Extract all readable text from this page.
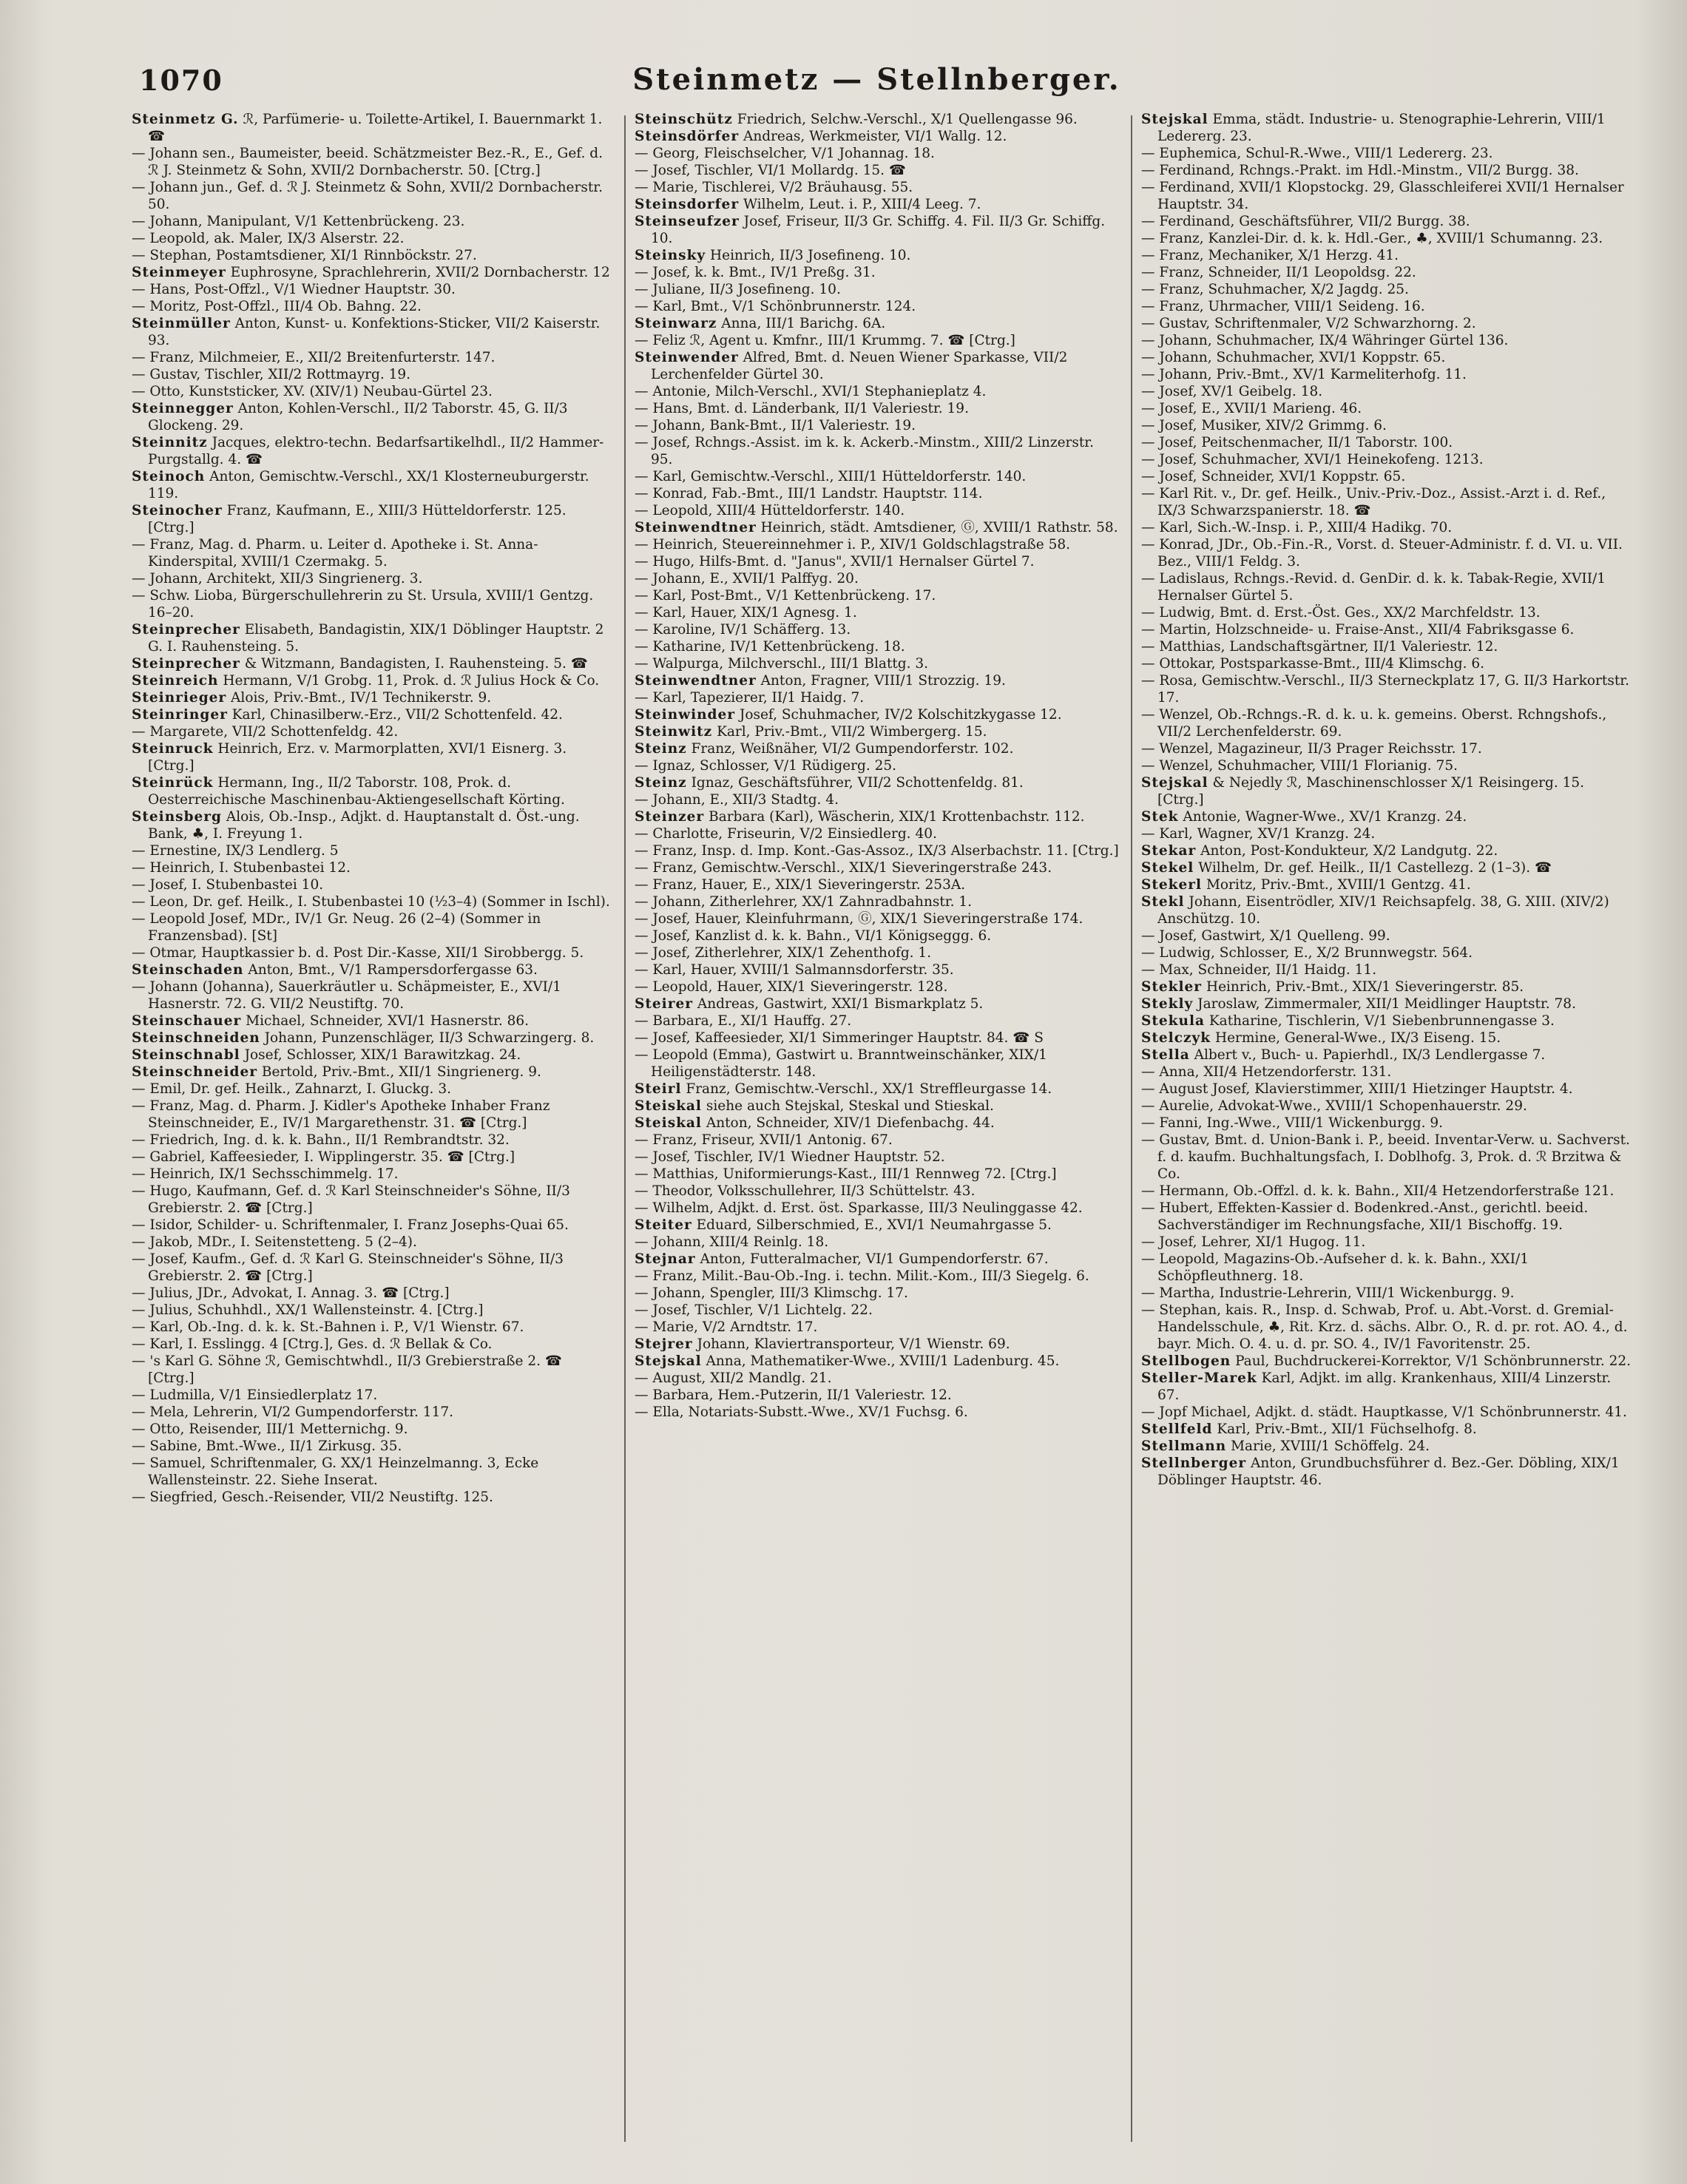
1070	Steinmetz — Stellnberger.

Steinmetz G. ℛ, Parfümerie- u. Toilette-Artikel, I. Bauernmarkt 1. ☎

— Johann sen., Baumeister, beeid. Schätzmeister Bez.-R., E., Gef. d. ℛ J. Steinmetz & Sohn, XVII/2 Dornbacherstr. 50. [Ctrg.]

— Johann jun., Gef. d. ℛ J. Steinmetz & Sohn, XVII/2 Dornbacherstr. 50.

— Johann, Manipulant, V/1 Kettenbrückeng. 23.

— Leopold, ak. Maler, IX/3 Alserstr. 22.

— Stephan, Postamtsdiener, XI/1 Rinnböckstr. 27.

Steinmeyer Euphrosyne, Sprachlehrerin, XVII/2 Dornbacherstr. 12

— Hans, Post-Offzl., V/1 Wiedner Hauptstr. 30.

— Moritz, Post-Offzl., III/4 Ob. Bahng. 22.

Steinmüller Anton, Kunst- u. Konfektions-Sticker, VII/2 Kaiserstr. 93.

— Franz, Milchmeier, E., XII/2 Breitenfurterstr. 147.

— Gustav, Tischler, XII/2 Rottmayrg. 19.

— Otto, Kunststicker, XV. (XIV/1) Neubau-Gürtel 23.

Steinnegger Anton, Kohlen-Verschl., II/2 Taborstr. 45, G. II/3 Glockeng. 29.

Steinnitz Jacques, elektro-techn. Bedarfsartikelhdl., II/2 Hammer-Purgstallg. 4. ☎

Steinoch Anton, Gemischtw.-Verschl., XX/1 Klosterneuburgerstr. 119.

Steinocher Franz, Kaufmann, E., XIII/3 Hütteldorferstr. 125. [Ctrg.]

— Franz, Mag. d. Pharm. u. Leiter d. Apotheke i. St. Anna-Kinderspital, XVIII/1 Czermakg. 5.

— Johann, Architekt, XII/3 Singrienerg. 3.

— Schw. Lioba, Bürgerschullehrerin zu St. Ursula, XVIII/1 Gentzg. 16–20.

Steinprecher Elisabeth, Bandagistin, XIX/1 Döblinger Hauptstr. 2 G. I. Rauhensteing. 5.

Steinprecher & Witzmann, Bandagisten, I. Rauhensteing. 5. ☎

Steinreich Hermann, V/1 Grobg. 11, Prok. d. ℛ Julius Hock & Co.

Steinrieger Alois, Priv.-Bmt., IV/1 Technikerstr. 9.

Steinringer Karl, Chinasilberw.-Erz., VII/2 Schottenfeld. 42.

— Margarete, VII/2 Schottenfeldg. 42.

Steinruck Heinrich, Erz. v. Marmorplatten, XVI/1 Eisnerg. 3. [Ctrg.]

Steinrück Hermann, Ing., II/2 Taborstr. 108, Prok. d. Oesterreichische Maschinenbau-Aktiengesellschaft Körting.

Steinsberg Alois, Ob.-Insp., Adjkt. d. Hauptanstalt d. Öst.-ung. Bank, ♣, I. Freyung 1.

— Ernestine, IX/3 Lendlerg. 5

— Heinrich, I. Stubenbastei 12.

— Josef, I. Stubenbastei 10.

— Leon, Dr. gef. Heilk., I. Stubenbastei 10 (½3–4) (Sommer in Ischl).

— Leopold Josef, MDr., IV/1 Gr. Neug. 26 (2–4) (Sommer in Franzensbad). [St]

— Otmar, Hauptkassier b. d. Post Dir.-Kasse, XII/1 Sirobbergg. 5.

Steinschaden Anton, Bmt., V/1 Rampersdorfergasse 63.

— Johann (Johanna), Sauerkräutler u. Schäpmeister, E., XVI/1 Hasnerstr. 72. G. VII/2 Neustiftg. 70.

Steinschauer Michael, Schneider, XVI/1 Hasnerstr. 86.

Steinschneiden Johann, Punzenschläger, II/3 Schwarzingerg. 8.

Steinschnabl Josef, Schlosser, XIX/1 Barawitzkag. 24.

Steinschneider Bertold, Priv.-Bmt., XII/1 Singrienerg. 9.

— Emil, Dr. gef. Heilk., Zahnarzt, I. Gluckg. 3.

— Franz, Mag. d. Pharm. J. Kidler's Apotheke Inhaber Franz Steinschneider, E., IV/1 Margarethenstr. 31. ☎ [Ctrg.]

— Friedrich, Ing. d. k. k. Bahn., II/1 Rembrandtstr. 32.

— Gabriel, Kaffeesieder, I. Wipplingerstr. 35. ☎ [Ctrg.]

— Heinrich, IX/1 Sechsschimmelg. 17.

— Hugo, Kaufmann, Gef. d. ℛ Karl Steinschneider's Söhne, II/3 Grebierstr. 2. ☎ [Ctrg.]

— Isidor, Schilder- u. Schriftenmaler, I. Franz Josephs-Quai 65.

— Jakob, MDr., I. Seitenstetteng. 5 (2–4).

— Josef, Kaufm., Gef. d. ℛ Karl G. Steinschneider's Söhne, II/3 Grebierstr. 2. ☎ [Ctrg.]

— Julius, JDr., Advokat, I. Annag. 3. ☎ [Ctrg.]

— Julius, Schuhhdl., XX/1 Wallensteinstr. 4. [Ctrg.]

— Karl, Ob.-Ing. d. k. k. St.-Bahnen i. P., V/1 Wienstr. 67.

— Karl, I. Esslingg. 4 [Ctrg.], Ges. d. ℛ Bellak & Co.

— 's Karl G. Söhne ℛ, Gemischtwhdl., II/3 Grebierstraße 2. ☎ [Ctrg.]

— Ludmilla, V/1 Einsiedlerplatz 17.

— Mela, Lehrerin, VI/2 Gumpendorferstr. 117.

— Otto, Reisender, III/1 Metternichg. 9.

— Sabine, Bmt.-Wwe., II/1 Zirkusg. 35.

— Samuel, Schriftenmaler, G. XX/1 Heinzelmanng. 3, Ecke Wallensteinstr. 22. Siehe Inserat.

— Siegfried, Gesch.-Reisender, VII/2 Neustiftg. 125.

Steinschütz Friedrich, Selchw.-Verschl., X/1 Quellengasse 96.

Steinsdörfer Andreas, Werkmeister, VI/1 Wallg. 12.

— Georg, Fleischselcher, V/1 Johannag. 18.

— Josef, Tischler, VI/1 Mollardg. 15. ☎

— Marie, Tischlerei, V/2 Bräuhausg. 55.

Steinsdorfer Wilhelm, Leut. i. P., XIII/4 Leeg. 7.

Steinseufzer Josef, Friseur, II/3 Gr. Schiffg. 4. Fil. II/3 Gr. Schiffg. 10.

Steinsky Heinrich, II/3 Josefineng. 10.

— Josef, k. k. Bmt., IV/1 Preßg. 31.

— Juliane, II/3 Josefineng. 10.

— Karl, Bmt., V/1 Schönbrunnerstr. 124.

Steinwarz Anna, III/1 Barichg. 6A.

— Feliz ℛ, Agent u. Kmfnr., III/1 Krummg. 7. ☎ [Ctrg.]

Steinwender Alfred, Bmt. d. Neuen Wiener Sparkasse, VII/2 Lerchenfelder Gürtel 30.

— Antonie, Milch-Verschl., XVI/1 Stephanieplatz 4.

— Hans, Bmt. d. Länderbank, II/1 Valeriestr. 19.

— Johann, Bank-Bmt., II/1 Valeriestr. 19.

— Josef, Rchngs.-Assist. im k. k. Ackerb.-Minstm., XIII/2 Linzerstr. 95.

— Karl, Gemischtw.-Verschl., XIII/1 Hütteldorferstr. 140.

— Konrad, Fab.-Bmt., III/1 Landstr. Hauptstr. 114.

— Leopold, XIII/4 Hütteldorferstr. 140.

Steinwendtner Heinrich, städt. Amtsdiener, Ⓖ, XVIII/1 Rathstr. 58.

— Heinrich, Steuereinnehmer i. P., XIV/1 Goldschlagstraße 58.

— Hugo, Hilfs-Bmt. d. "Janus", XVII/1 Hernalser Gürtel 7.

— Johann, E., XVII/1 Palffyg. 20.

— Karl, Post-Bmt., V/1 Kettenbrückeng. 17.

— Karl, Hauer, XIX/1 Agnesg. 1.

— Karoline, IV/1 Schäfferg. 13.

— Katharine, IV/1 Kettenbrückeng. 18.

— Walpurga, Milchverschl., III/1 Blattg. 3.

Steinwendtner Anton, Fragner, VIII/1 Strozzig. 19.

— Karl, Tapezierer, II/1 Haidg. 7.

Steinwinder Josef, Schuhmacher, IV/2 Kolschitzkygasse 12.

Steinwitz Karl, Priv.-Bmt., VII/2 Wimbergerg. 15.

Steinz Franz, Weißnäher, VI/2 Gumpendorferstr. 102.

— Ignaz, Schlosser, V/1 Rüdigerg. 25.

Steinz Ignaz, Geschäftsführer, VII/2 Schottenfeldg. 81.

— Johann, E., XII/3 Stadtg. 4.

Steinzer Barbara (Karl), Wäscherin, XIX/1 Krottenbachstr. 112.

— Charlotte, Friseurin, V/2 Einsiedlerg. 40.

— Franz, Insp. d. Imp. Kont.-Gas-Assoz., IX/3 Alserbachstr. 11. [Ctrg.]

— Franz, Gemischtw.-Verschl., XIX/1 Sieveringerstraße 243.

— Franz, Hauer, E., XIX/1 Sieveringerstr. 253A.

— Johann, Zitherlehrer, XX/1 Zahnradbahnstr. 1.

— Josef, Hauer, Kleinfuhrmann, Ⓖ, XIX/1 Sieveringerstraße 174.

— Josef, Kanzlist d. k. k. Bahn., VI/1 Königseggg. 6.

— Josef, Zitherlehrer, XIX/1 Zehenthofg. 1.

— Karl, Hauer, XVIII/1 Salmannsdorferstr. 35.

— Leopold, Hauer, XIX/1 Sieveringerstr. 128.

Steirer Andreas, Gastwirt, XXI/1 Bismarkplatz 5.

— Barbara, E., XI/1 Hauffg. 27.

— Josef, Kaffeesieder, XI/1 Simmeringer Hauptstr. 84. ☎ S

— Leopold (Emma), Gastwirt u. Branntweinschänker, XIX/1 Heiligenstädterstr. 148.

Steirl Franz, Gemischtw.-Verschl., XX/1 Streffleurgasse 14.

Steiskal siehe auch Stejskal, Steskal und Stieskal.

Steiskal Anton, Schneider, XIV/1 Diefenbachg. 44.

— Franz, Friseur, XVII/1 Antonig. 67.

— Josef, Tischler, IV/1 Wiedner Hauptstr. 52.

— Matthias, Uniformierungs-Kast., III/1 Rennweg 72. [Ctrg.]

— Theodor, Volksschullehrer, II/3 Schüttelstr. 43.

— Wilhelm, Adjkt. d. Erst. öst. Sparkasse, III/3 Neulinggasse 42.

Steiter Eduard, Silberschmied, E., XVI/1 Neumahrgasse 5.

— Johann, XIII/4 Reinlg. 18.

Stejnar Anton, Futteralmacher, VI/1 Gumpendorferstr. 67.

— Franz, Milit.-Bau-Ob.-Ing. i. techn. Milit.-Kom., III/3 Siegelg. 6.

— Johann, Spengler, III/3 Klimschg. 17.

— Josef, Tischler, V/1 Lichtelg. 22.

— Marie, V/2 Arndtstr. 17.

Stejrer Johann, Klaviertransporteur, V/1 Wienstr. 69.

Stejskal Anna, Mathematiker-Wwe., XVIII/1 Ladenburg. 45.

— August, XII/2 Mandlg. 21.

— Barbara, Hem.-Putzerin, II/1 Valeriestr. 12.

— Ella, Notariats-Substt.-Wwe., XV/1 Fuchsg. 6.

Stejskal Emma, städt. Industrie- u. Stenographie-Lehrerin, VIII/1 Ledererg. 23.

— Euphemica, Schul-R.-Wwe., VIII/1 Ledererg. 23.

— Ferdinand, Rchngs.-Prakt. im Hdl.-Minstm., VII/2 Burgg. 38.

— Ferdinand, XVII/1 Klopstockg. 29, Glasschleiferei XVII/1 Hernalser Hauptstr. 34.

— Ferdinand, Geschäftsführer, VII/2 Burgg. 38.

— Franz, Kanzlei-Dir. d. k. k. Hdl.-Ger., ♣, XVIII/1 Schumanng. 23.

— Franz, Mechaniker, X/1 Herzg. 41.

— Franz, Schneider, II/1 Leopoldsg. 22.

— Franz, Schuhmacher, X/2 Jagdg. 25.

— Franz, Uhrmacher, VIII/1 Seideng. 16.

— Gustav, Schriftenmaler, V/2 Schwarzhorng. 2.

— Johann, Schuhmacher, IX/4 Währinger Gürtel 136.

— Johann, Schuhmacher, XVI/1 Koppstr. 65.

— Johann, Priv.-Bmt., XV/1 Karmeliterhofg. 11.

— Josef, XV/1 Geibelg. 18.

— Josef, E., XVII/1 Marieng. 46.

— Josef, Musiker, XIV/2 Grimmg. 6.

— Josef, Peitschenmacher, II/1 Taborstr. 100.

— Josef, Schuhmacher, XVI/1 Heinekofeng. 1213.

— Josef, Schneider, XVI/1 Koppstr. 65.

— Karl Rit. v., Dr. gef. Heilk., Univ.-Priv.-Doz., Assist.-Arzt i. d. Ref., IX/3 Schwarzspanierstr. 18. ☎

— Karl, Sich.-W.-Insp. i. P., XIII/4 Hadikg. 70.

— Konrad, JDr., Ob.-Fin.-R., Vorst. d. Steuer-Administr. f. d. VI. u. VII. Bez., VIII/1 Feldg. 3.

— Ladislaus, Rchngs.-Revid. d. GenDir. d. k. k. Tabak-Regie, XVII/1 Hernalser Gürtel 5.

— Ludwig, Bmt. d. Erst.-Öst. Ges., XX/2 Marchfeldstr. 13.

— Martin, Holzschneide- u. Fraise-Anst., XII/4 Fabriksgasse 6.

— Matthias, Landschaftsgärtner, II/1 Valeriestr. 12.

— Ottokar, Postsparkasse-Bmt., III/4 Klimschg. 6.

— Rosa, Gemischtw.-Verschl., II/3 Sterneckplatz 17, G. II/3 Harkortstr. 17.

— Wenzel, Ob.-Rchngs.-R. d. k. u. k. gemeins. Oberst. Rchngshofs., VII/2 Lerchenfelderstr. 69.

— Wenzel, Magazineur, II/3 Prager Reichsstr. 17.

— Wenzel, Schuhmacher, VIII/1 Florianig. 75.

Stejskal & Nejedly ℛ, Maschinenschlosser X/1 Reisingerg. 15. [Ctrg.]

Stek Antonie, Wagner-Wwe., XV/1 Kranzg. 24.

— Karl, Wagner, XV/1 Kranzg. 24.

Stekar Anton, Post-Kondukteur, X/2 Landgutg. 22.

Stekel Wilhelm, Dr. gef. Heilk., II/1 Castellezg. 2 (1–3). ☎

Stekerl Moritz, Priv.-Bmt., XVIII/1 Gentzg. 41.

Stekl Johann, Eisentrödler, XIV/1 Reichsapfelg. 38, G. XIII. (XIV/2) Anschützg. 10.

— Josef, Gastwirt, X/1 Quelleng. 99.

— Ludwig, Schlosser, E., X/2 Brunnwegstr. 564.

— Max, Schneider, II/1 Haidg. 11.

Stekler Heinrich, Priv.-Bmt., XIX/1 Sieveringerstr. 85.

Stekly Jaroslaw, Zimmermaler, XII/1 Meidlinger Hauptstr. 78.

Stekula Katharine, Tischlerin, V/1 Siebenbrunnengasse 3.

Stelczyk Hermine, General-Wwe., IX/3 Eiseng. 15.

Stella Albert v., Buch- u. Papierhdl., IX/3 Lendlergasse 7.

— Anna, XII/4 Hetzendorferstr. 131.

— August Josef, Klavierstimmer, XIII/1 Hietzinger Hauptstr. 4.

— Aurelie, Advokat-Wwe., XVIII/1 Schopenhauerstr. 29.

— Fanni, Ing.-Wwe., VIII/1 Wickenburgg. 9.

— Gustav, Bmt. d. Union-Bank i. P., beeid. Inventar-Verw. u. Sachverst. f. d. kaufm. Buchhaltungsfach, I. Doblhofg. 3, Prok. d. ℛ Brzitwa & Co.

— Hermann, Ob.-Offzl. d. k. k. Bahn., XII/4 Hetzendorferstraße 121.

— Hubert, Effekten-Kassier d. Bodenkred.-Anst., gerichtl. beeid. Sachverständiger im Rechnungsfache, XII/1 Bischoffg. 19.

— Josef, Lehrer, XI/1 Hugog. 11.

— Leopold, Magazins-Ob.-Aufseher d. k. k. Bahn., XXI/1 Schöpfleuthnerg. 18.

— Martha, Industrie-Lehrerin, VIII/1 Wickenburgg. 9.

— Stephan, kais. R., Insp. d. Schwab, Prof. u. Abt.-Vorst. d. Gremial-Handelsschule, ♣, Rit. Krz. d. sächs. Albr. O., R. d. pr. rot. AO. 4., d. bayr. Mich. O. 4. u. d. pr. SO. 4., IV/1 Favoritenstr. 25.

Stellbogen Paul, Buchdruckerei-Korrektor, V/1 Schönbrunnerstr. 22.

Steller-Marek Karl, Adjkt. im allg. Krankenhaus, XIII/4 Linzerstr. 67.

— Jopf Michael, Adjkt. d. städt. Hauptkasse, V/1 Schönbrunnerstr. 41.

Stellfeld Karl, Priv.-Bmt., XII/1 Füchselhofg. 8.

Stellmann Marie, XVIII/1 Schöffelg. 24.

Stellnberger Anton, Grundbuchsführer d. Bez.-Ger. Döbling, XIX/1 Döblinger Hauptstr. 46.
